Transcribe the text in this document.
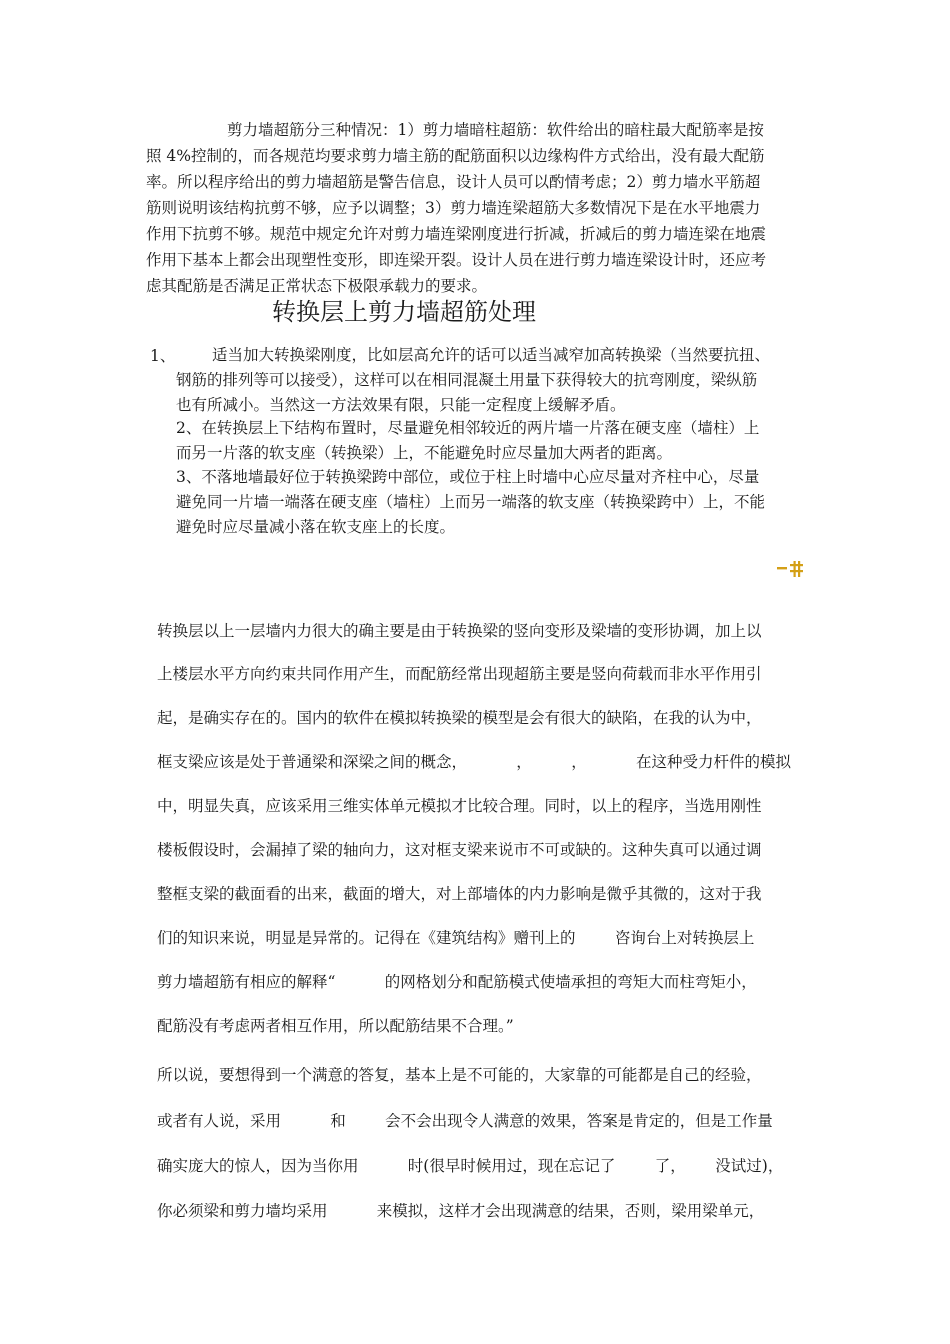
剪力墙超筋分三种情况：1）剪力墙暗柱超筋：软件给出的暗柱最大配筋率是按
照 4%控制的，而各规范均要求剪力墙主筋的配筋面积以边缘构件方式给出，没有最大配筋
率。所以程序给出的剪力墙超筋是警告信息，设计人员可以酌情考虑；2）剪力墙水平筋超
筋则说明该结构抗剪不够，应予以调整；3）剪力墙连梁超筋大多数情况下是在水平地震力
作用下抗剪不够。规范中规定允许对剪力墙连梁刚度进行折减，折减后的剪力墙连梁在地震
作用下基本上都会出现塑性变形，即连梁开裂。设计人员在进行剪力墙连梁设计时，还应考
虑其配筋是否满足正常状态下极限承载力的要求。
转换层上剪力墙超筋处理
1、 适当加大转换梁刚度，比如层高允许的话可以适当减窄加高转换梁（当然要抗扭、
钢筋的排列等可以接受），这样可以在相同混凝土用量下获得较大的抗弯刚度，梁纵筋
也有所减小。当然这一方法效果有限，只能一定程度上缓解矛盾。
2、在转换层上下结构布置时，尽量避免相邻较近的两片墙一片落在硬支座（墙柱）上
而另一片落的软支座（转换梁）上，不能避免时应尽量加大两者的距离。
3、不落地墙最好位于转换梁跨中部位，或位于柱上时墙中心应尽量对齐柱中心，尽量
避免同一片墙一端落在硬支座（墙柱）上而另一端落的软支座（转换梁跨中）上，不能
避免时应尽量减小落在软支座上的长度。
转换层以上一层墙内力很大的确主要是由于转换梁的竖向变形及梁墙的变形协调，加上以
上楼层水平方向约束共同作用产生，而配筋经常出现超筋主要是竖向荷载而非水平作用引
起，是确实存在的。国内的软件在模拟转换梁的模型是会有很大的缺陷，在我的认为中，
框支梁应该是处于普通梁和深梁之间的概念，          ，        ，          在这种受力杆件的模拟
中，明显失真，应该采用三维实体单元模拟才比较合理。同时，以上的程序，当选用刚性
楼板假设时，会漏掉了梁的轴向力，这对框支梁来说市不可或缺的。这种失真可以通过调
整框支梁的截面看的出来，截面的增大，对上部墙体的内力影响是微乎其微的，这对于我
们的知识来说，明显是异常的。记得在《建筑结构》赠刊上的        咨询台上对转换层上
剪力墙超筋有相应的解释“          的网格划分和配筋模式使墙承担的弯矩大而柱弯矩小，
配筋没有考虑两者相互作用，所以配筋结果不合理。”
所以说，要想得到一个满意的答复，基本上是不可能的，大家靠的可能都是自己的经验，
或者有人说，采用          和        会不会出现令人满意的效果，答案是肯定的，但是工作量
确实庞大的惊人，因为当你用          时(很早时候用过，现在忘记了        了，      没试过)，
你必须梁和剪力墙均采用          来模拟，这样才会出现满意的结果，否则，梁用梁单元，
